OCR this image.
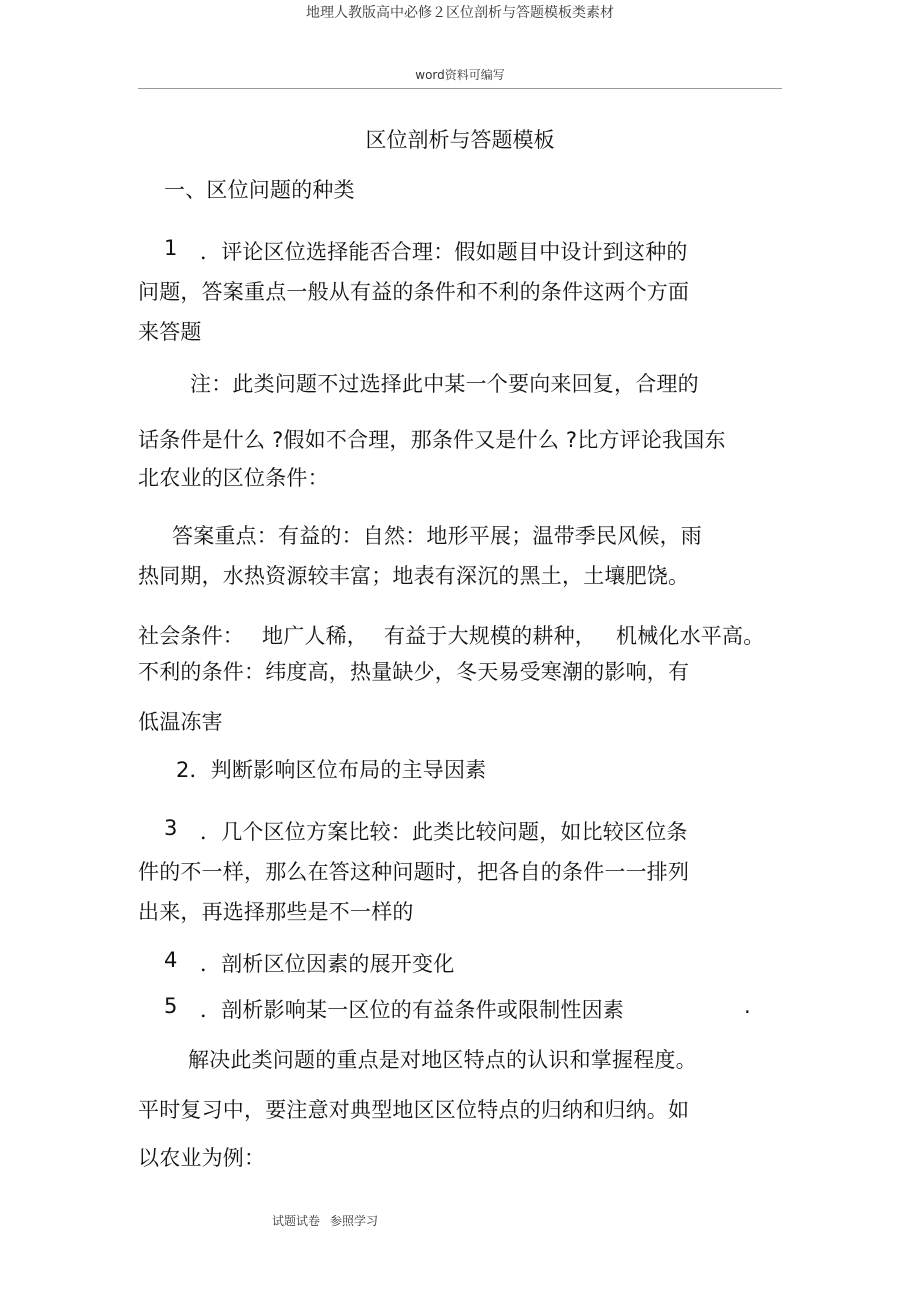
地理人教版高中必修２区位剖析与答题模板类素材
word资料可编写
区位剖析与答题模板
一、区位问题的种类
1 ．评论区位选择能否合理：假如题目中设计到这种的
问题，答案重点一般从有益的条件和不利的条件这两个方面
来答题
注：此类问题不过选择此中某一个要向来回复，合理的
话条件是什么 ?假如不合理，那条件又是什么 ?比方评论我国东
北农业的区位条件：
答案重点：有益的：自然：地形平展；温带季民风候，雨
热同期，水热资源较丰富；地表有深沉的黑土，土壤肥饶。
社会条件： 地广人稀， 有益于大规模的耕种， 机械化水平高。
不利的条件：纬度高，热量缺少，冬天易受寒潮的影响，有
低温冻害
2．判断影响区位布局的主导因素
3 ．几个区位方案比较：此类比较问题，如比较区位条
件的不一样，那么在答这种问题时，把各自的条件一一排列
出来，再选择那些是不一样的
4 ．剖析区位因素的展开变化
5 ．剖析影响某一区位的有益条件或限制性因素	.
解决此类问题的重点是对地区特点的认识和掌握程度。
平时复习中，要注意对典型地区区位特点的归纳和归纳。如
以农业为例：
试题试卷 参照学习
